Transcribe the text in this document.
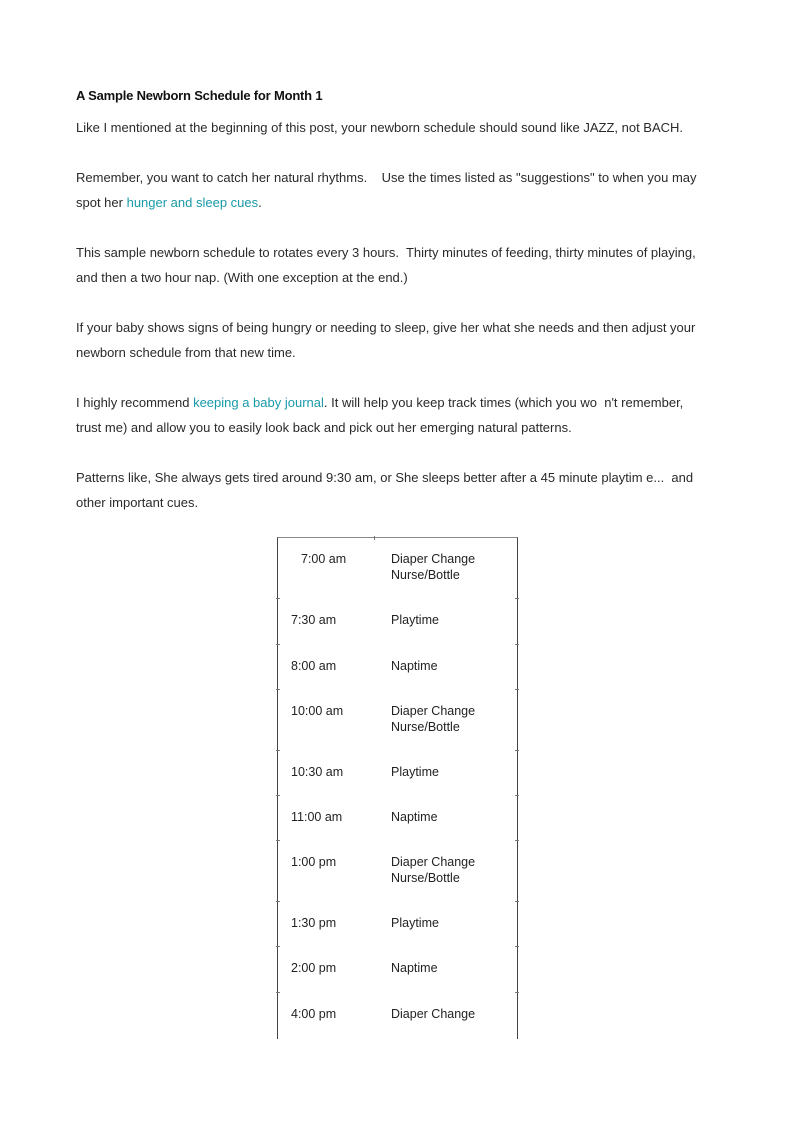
A Sample Newborn Schedule for Month 1
Like I mentioned at the beginning of this post, your newborn schedule should sound like JAZZ, not BACH.
Remember, you want to catch her natural rhythms.    Use the times listed as "suggestions" to when you may
spot her hunger and sleep cues.
This sample newborn schedule to rotates every 3 hours.  Thirty minutes of feeding, thirty minutes of playing,
and then a two hour nap. (With one exception at the end.)
If your baby shows signs of being hungry or needing to sleep, give her what she needs and then adjust your
newborn schedule from that new time.
I highly recommend keeping a baby journal. It will help you keep track times (which you wo  n't remember,
trust me) and allow you to easily look back and pick out her emerging natural patterns.
Patterns like, She always gets tired around 9:30 am, or She sleeps better after a 45 minute playtim e...  and
other important cues.
7:00 am	Diaper Change
Nurse/Bottle
7:30 am	Playtime
8:00 am	Naptime
10:00 am	Diaper Change
Nurse/Bottle
10:30 am	Playtime
11:00 am	Naptime
1:00 pm	Diaper Change
Nurse/Bottle
1:30 pm	Playtime
2:00 pm	Naptime
4:00 pm	Diaper Change
